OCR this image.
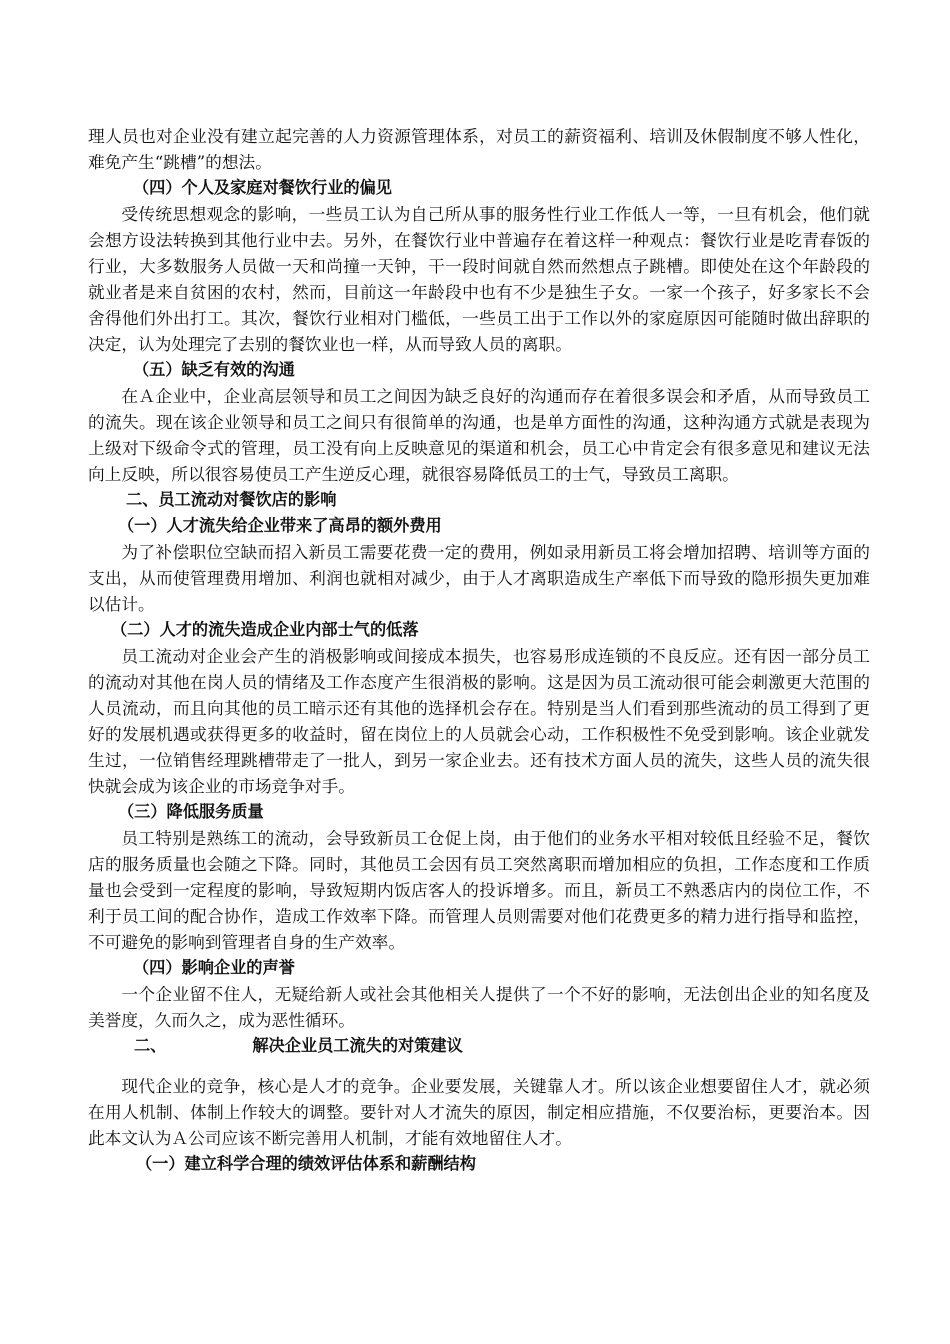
理人员也对企业没有建立起完善的人力资源管理体系，对员工的薪资福利、培训及休假制度不够人性化，难免产生“跳槽”的想法。

（四）个人及家庭对餐饮行业的偏见

受传统思想观念的影响，一些员工认为自己所从事的服务性行业工作低人一等，一旦有机会，他们就会想方设法转换到其他行业中去。另外，在餐饮行业中普遍存在着这样一种观点：餐饮行业是吃青春饭的行业，大多数服务人员做一天和尚撞一天钟，干一段时间就自然而然想点子跳槽。即使处在这个年龄段的就业者是来自贫困的农村，然而，目前这一年龄段中也有不少是独生子女。一家一个孩子，好多家长不会舍得他们外出打工。其次，餐饮行业相对门槛低，一些员工出于工作以外的家庭原因可能随时做出辞职的决定，认为处理完了去别的餐饮业也一样，从而导致人员的离职。

（五）缺乏有效的沟通

在Ａ企业中，企业高层领导和员工之间因为缺乏良好的沟通而存在着很多误会和矛盾，从而导致员工的流失。现在该企业领导和员工之间只有很简单的沟通，也是单方面性的沟通，这种沟通方式就是表现为上级对下级命令式的管理，员工没有向上反映意见的渠道和机会，员工心中肯定会有很多意见和建议无法向上反映，所以很容易使员工产生逆反心理，就很容易降低员工的士气，导致员工离职。

二、员工流动对餐饮店的影响

（一）人才流失给企业带来了高昂的额外费用

为了补偿职位空缺而招入新员工需要花费一定的费用，例如录用新员工将会增加招聘、培训等方面的支出，从而使管理费用增加、利润也就相对减少，由于人才离职造成生产率低下而导致的隐形损失更加难以估计。

（二）人才的流失造成企业内部士气的低落

员工流动对企业会产生的消极影响或间接成本损失，也容易形成连锁的不良反应。还有因一部分员工的流动对其他在岗人员的情绪及工作态度产生很消极的影响。这是因为员工流动很可能会刺激更大范围的人员流动，而且向其他的员工暗示还有其他的选择机会存在。特别是当人们看到那些流动的员工得到了更好的发展机遇或获得更多的收益时，留在岗位上的人员就会心动，工作积极性不免受到影响。该企业就发生过，一位销售经理跳槽带走了一批人，到另一家企业去。还有技术方面人员的流失，这些人员的流失很快就会成为该企业的市场竞争对手。

（三）降低服务质量

员工特别是熟练工的流动，会导致新员工仓促上岗，由于他们的业务水平相对较低且经验不足，餐饮店的服务质量也会随之下降。同时，其他员工会因有员工突然离职而增加相应的负担，工作态度和工作质量也会受到一定程度的影响，导致短期内饭店客人的投诉增多。而且，新员工不熟悉店内的岗位工作，不利于员工间的配合协作，造成工作效率下降。而管理人员则需要对他们花费更多的精力进行指导和监控，不可避免的影响到管理者自身的生产效率。

（四）影响企业的声誉

一个企业留不住人，无疑给新人或社会其他相关人提供了一个不好的影响，无法创出企业的知名度及美誉度，久而久之，成为恶性循环。

二、	解决企业员工流失的对策建议

现代企业的竞争，核心是人才的竞争。企业要发展，关键靠人才。所以该企业想要留住人才，就必须在用人机制、体制上作较大的调整。要针对人才流失的原因，制定相应措施，不仅要治标，更要治本。因此本文认为Ａ公司应该不断完善用人机制，才能有效地留住人才。

（一）建立科学合理的绩效评估体系和薪酬结构
